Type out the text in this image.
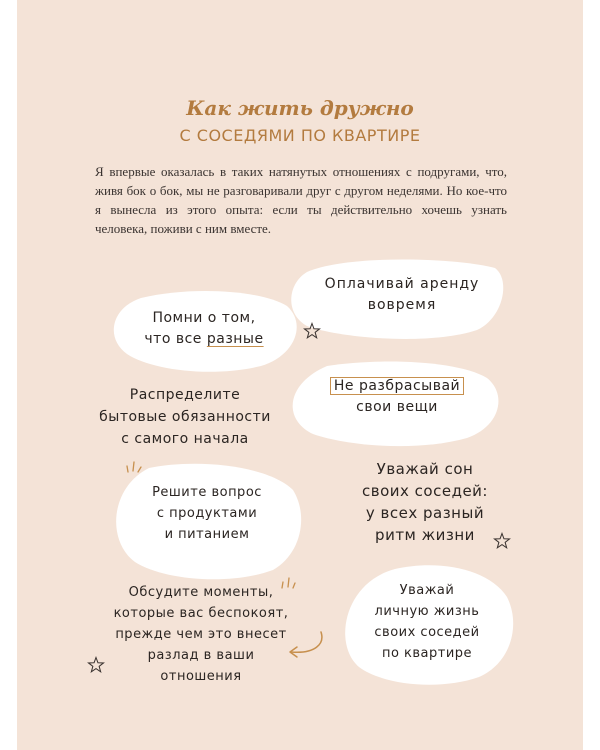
Как жить дружно
С СОСЕДЯМИ ПО КВАРТИРЕ

Я впервые оказалась в таких натянутых отношениях с подругами, что, живя бок о бок, мы не разговаривали друг с другом неделями. Но кое-что я вынесла из этого опыта: если ты действительно хочешь узнать человека, поживи с ним вместе.

Оплачивай аренду
вовремя
Помни о том,
что все разные
Распределите
бытовые обязанности
с самого начала
Не разбрасывай
свои вещи
Уважай сон
своих соседей:
у всех разный
ритм жизни
Решите вопрос
с продуктами
и питанием
Обсудите моменты,
которые вас беспокоят,
прежде чем это внесет
разлад в ваши
отношения
Уважай
личную жизнь
своих соседей
по квартире
